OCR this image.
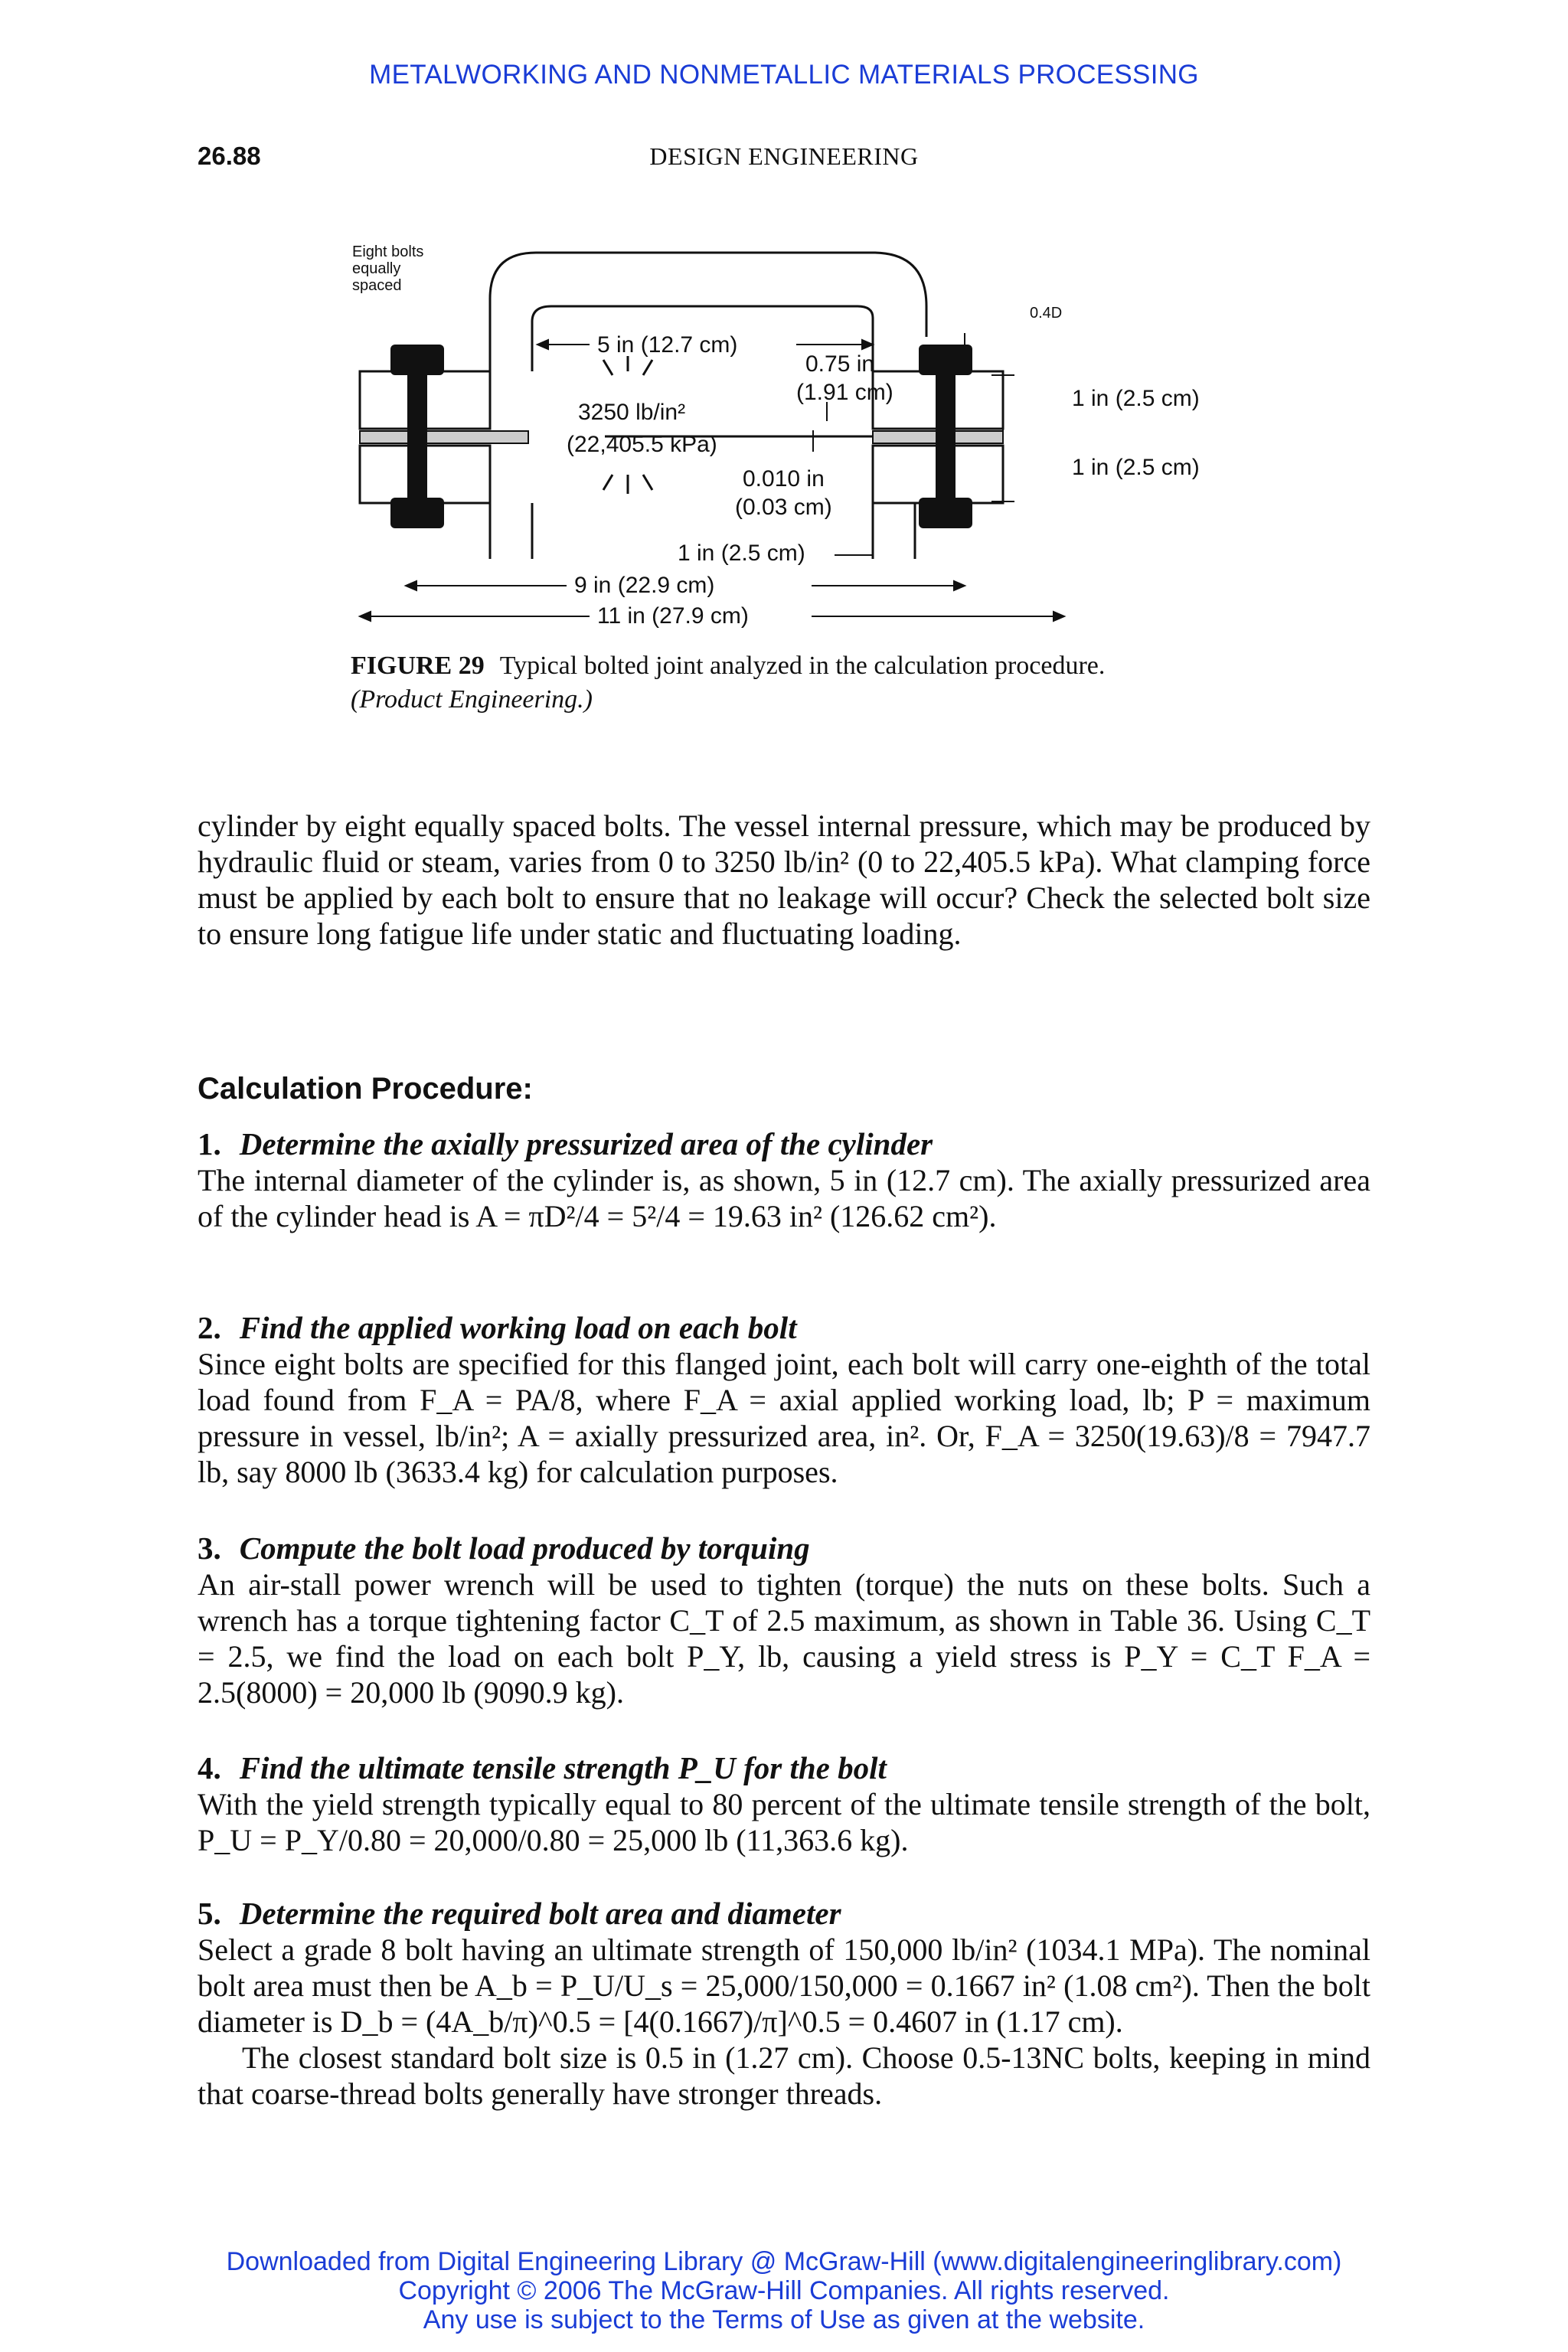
METALWORKING AND NONMETALLIC MATERIALS PROCESSING
26.88	DESIGN ENGINEERING
Eight bolts
equally
spaced
0.4D
5 in (12.7 cm)
3250 lb/in²
(22,405.5 kPa)
0.75 in
(1.91 cm)
0.010 in
(0.03 cm)
1 in (2.5 cm)
1 in (2.5 cm)
1 in (2.5 cm)
9 in (22.9 cm)
11 in (27.9 cm)
FIGURE 29 Typical bolted joint analyzed in the calculation procedure.
(Product Engineering.)
cylinder by eight equally spaced bolts. The vessel internal pressure, which may be produced by hydraulic fluid or steam, varies from 0 to 3250 lb/in² (0 to 22,405.5 kPa). What clamping force must be applied by each bolt to ensure that no leakage will occur? Check the selected bolt size to ensure long fatigue life under static and fluctuating loading.
Calculation Procedure:
1. Determine the axially pressurized area of the cylinder

The internal diameter of the cylinder is, as shown, 5 in (12.7 cm). The axially pressurized area of the cylinder head is A = πD²/4 = 5²/4 = 19.63 in² (126.62 cm²).

2. Find the applied working load on each bolt

Since eight bolts are specified for this flanged joint, each bolt will carry one-eighth of the total load found from F_A = PA/8, where F_A = axial applied working load, lb; P = maximum pressure in vessel, lb/in²; A = axially pressurized area, in². Or, F_A = 3250(19.63)/8 = 7947.7 lb, say 8000 lb (3633.4 kg) for calculation purposes.

3. Compute the bolt load produced by torquing

An air-stall power wrench will be used to tighten (torque) the nuts on these bolts. Such a wrench has a torque tightening factor C_T of 2.5 maximum, as shown in Table 36. Using C_T = 2.5, we find the load on each bolt P_Y, lb, causing a yield stress is P_Y = C_T F_A = 2.5(8000) = 20,000 lb (9090.9 kg).

4. Find the ultimate tensile strength P_U for the bolt

With the yield strength typically equal to 80 percent of the ultimate tensile strength of the bolt, P_U = P_Y/0.80 = 20,000/0.80 = 25,000 lb (11,363.6 kg).

5. Determine the required bolt area and diameter

Select a grade 8 bolt having an ultimate strength of 150,000 lb/in² (1034.1 MPa). The nominal bolt area must then be A_b = P_U/U_s = 25,000/150,000 = 0.1667 in² (1.08 cm²). Then the bolt diameter is D_b = (4A_b/π)^0.5 = [4(0.1667)/π]^0.5 = 0.4607 in (1.17 cm).

The closest standard bolt size is 0.5 in (1.27 cm). Choose 0.5-13NC bolts, keeping in mind that coarse-thread bolts generally have stronger threads.

Downloaded from Digital Engineering Library @ McGraw-Hill (www.digitalengineeringlibrary.com)
Copyright © 2006 The McGraw-Hill Companies. All rights reserved.
Any use is subject to the Terms of Use as given at the website.
